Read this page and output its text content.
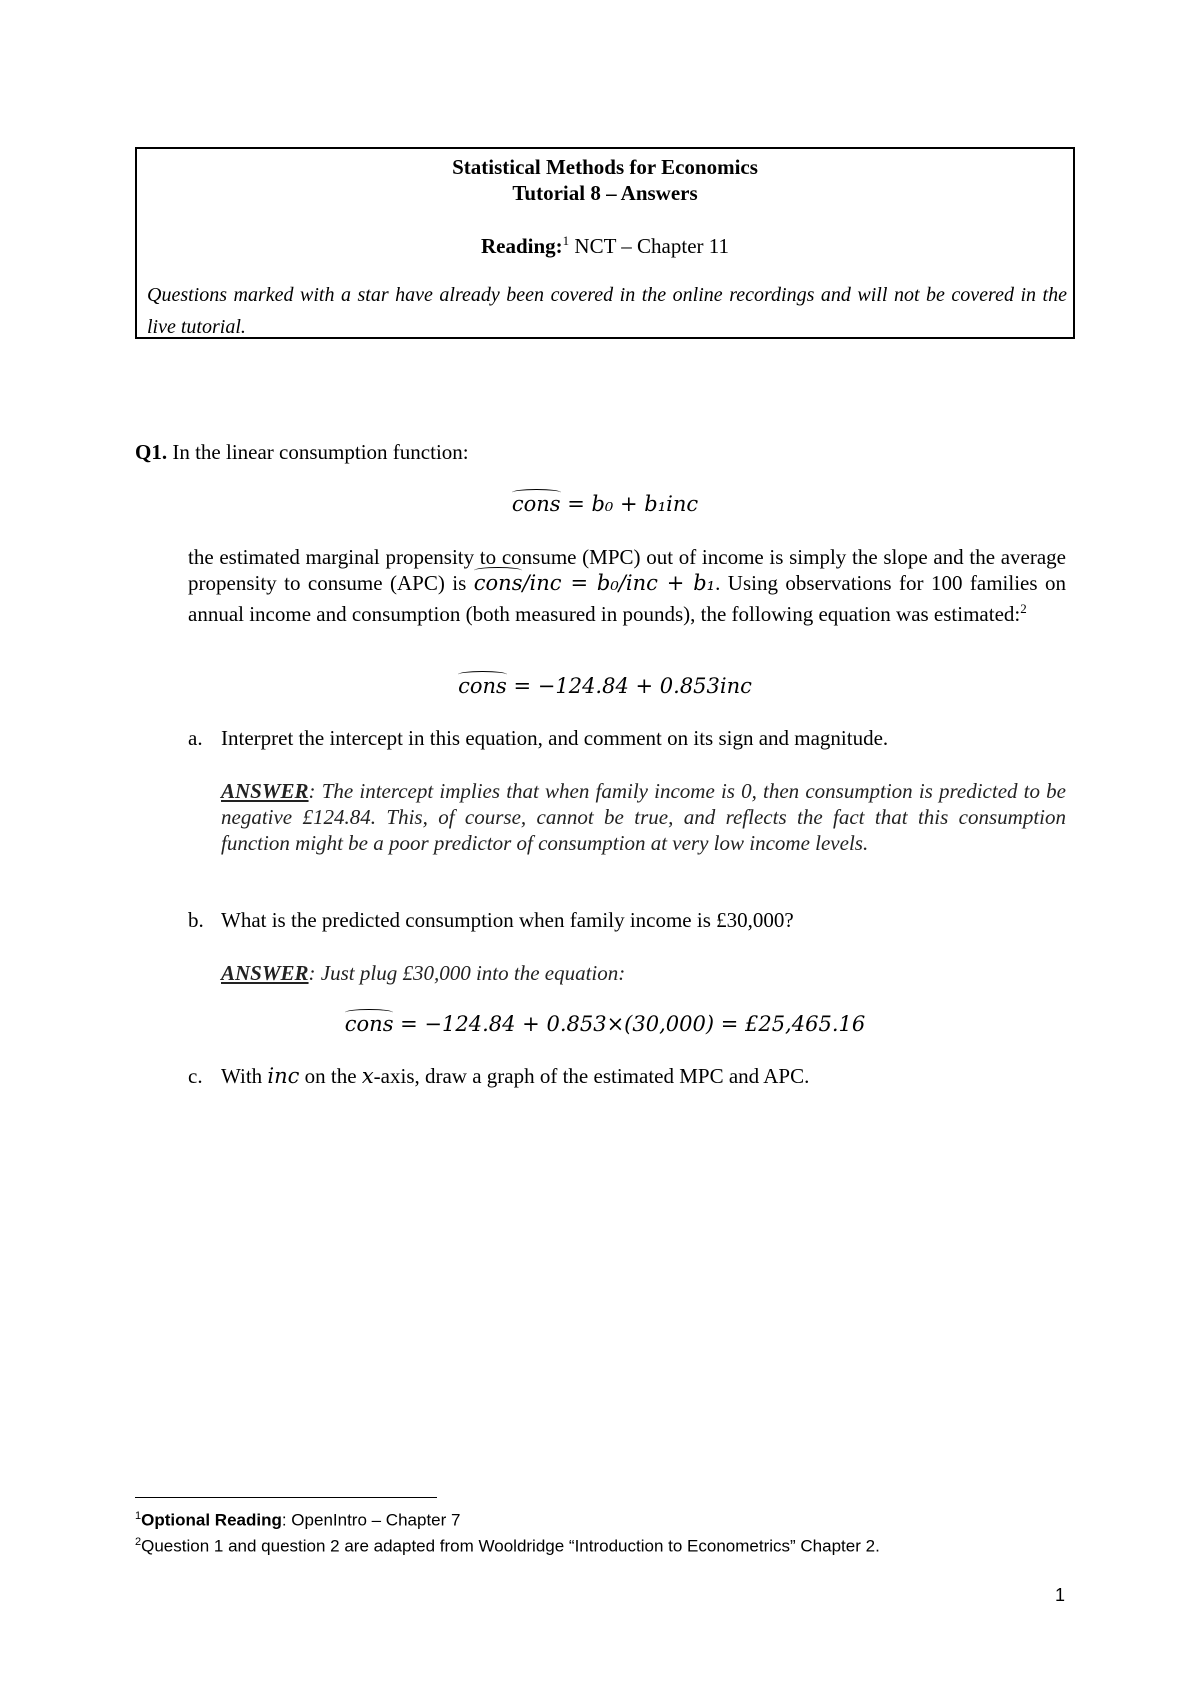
Statistical Methods for Economics
Tutorial 8 – Answers
Reading:$^1$ NCT – Chapter 11
Questions marked with a star have already been covered in the online recordings and will not be covered in the live tutorial.
Q1. In the linear consumption function:
cons = b₀ + b₁inc
the estimated marginal propensity to consume (MPC) out of income is simply the slope and the average propensity to consume (APC) is cons/inc = b₀/inc + b₁. Using observations for 100 families on annual income and consumption (both measured in pounds), the following equation was estimated:$^2$
cons = −124.84 + 0.853inc
a. Interpret the intercept in this equation, and comment on its sign and magnitude.
ANSWER: The intercept implies that when family income is 0, then consumption is predicted to be negative £124.84. This, of course, cannot be true, and reflects the fact that this consumption function might be a poor predictor of consumption at very low income levels.
b. What is the predicted consumption when family income is £30,000?
ANSWER: Just plug £30,000 into the equation:
cons = −124.84 + 0.853×(30,000) = £25,465.16
c. With inc on the x-axis, draw a graph of the estimated MPC and APC.
$^1$Optional Reading: OpenIntro – Chapter 7
$^2$Question 1 and question 2 are adapted from Wooldridge “Introduction to Econometrics” Chapter 2.
1
